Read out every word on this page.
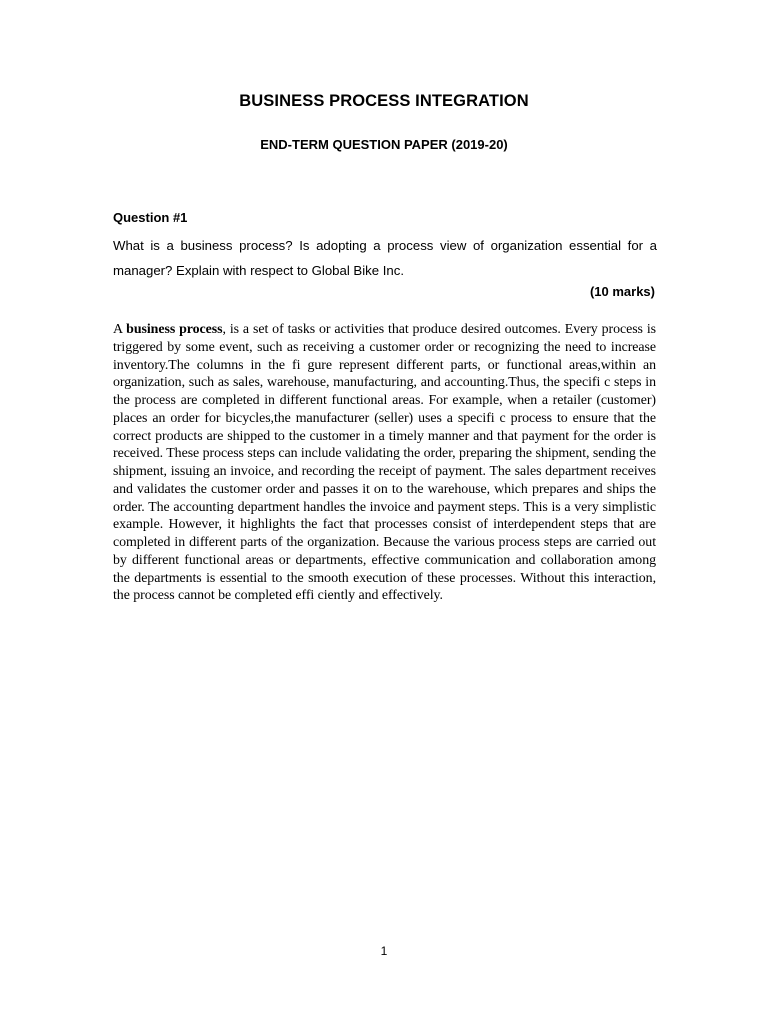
BUSINESS PROCESS INTEGRATION
END-TERM QUESTION PAPER (2019-20)
Question #1
What is a business process? Is adopting a process view of organization essential for a manager? Explain with respect to Global Bike Inc.
(10 marks)
A business process, is a set of tasks or activities that produce desired outcomes. Every process is triggered by some event, such as receiving a customer order or recognizing the need to increase inventory.The columns in the fi gure represent different parts, or functional areas,within an organization, such as sales, warehouse, manufacturing, and accounting.Thus, the specifi c steps in the process are completed in different functional areas. For example, when a retailer (customer) places an order for bicycles,the manufacturer (seller) uses a specifi c process to ensure that the correct products are shipped to the customer in a timely manner and that payment for the order is received. These process steps can include validating the order, preparing the shipment, sending the shipment, issuing an invoice, and recording the receipt of payment. The sales department receives and validates the customer order and passes it on to the warehouse, which prepares and ships the order. The accounting department handles the invoice and payment steps. This is a very simplistic example. However, it highlights the fact that processes consist of interdependent steps that are completed in different parts of the organization. Because the various process steps are carried out by different functional areas or departments, effective communication and collaboration among the departments is essential to the smooth execution of these processes. Without this interaction, the process cannot be completed effi ciently and effectively.
1
